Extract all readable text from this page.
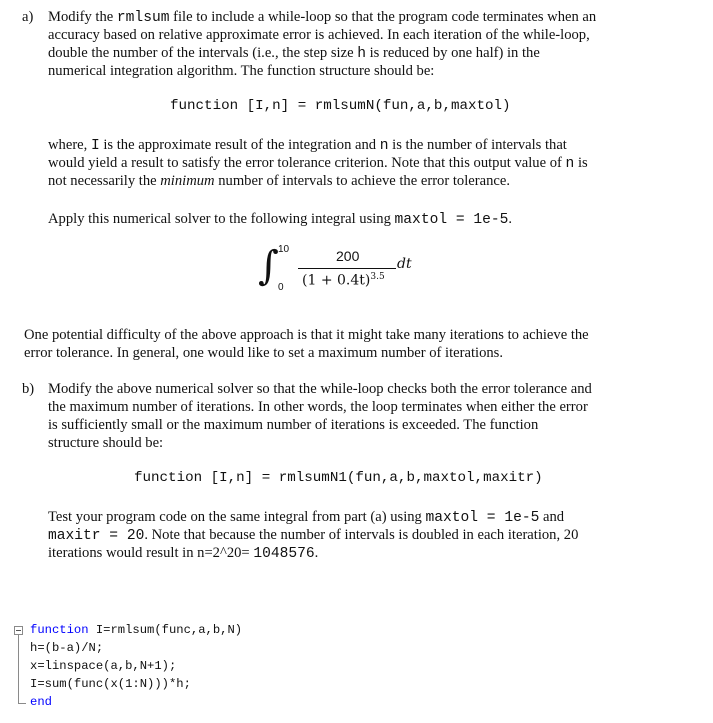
a) Modify the rmlsum file to include a while-loop so that the program code terminates when an
accuracy based on relative approximate error is achieved. In each iteration of the while-loop,
double the number of the intervals (i.e., the step size h is reduced by one half) in the
numerical integration algorithm. The function structure should be:
function [I,n] = rmlsumN(fun,a,b,maxtol)
where, I is the approximate result of the integration and n is the number of intervals that
would yield a result to satisfy the error tolerance criterion. Note that this output value of n is
not necessarily the minimum number of intervals to achieve the error tolerance.
Apply this numerical solver to the following integral using maxtol = 1e-5.
∫ 10
0
200
$(1 + 0.4t)^{3.5}$
dt
One potential difficulty of the above approach is that it might take many iterations to achieve the
error tolerance. In general, one would like to set a maximum number of iterations.
b) Modify the above numerical solver so that the while-loop checks both the error tolerance and
the maximum number of iterations. In other words, the loop terminates when either the error
is sufficiently small or the maximum number of iterations is exceeded. The function
structure should be:
function [I,n] = rmlsumN1(fun,a,b,maxtol,maxitr)
Test your program code on the same integral from part (a) using maxtol = 1e-5 and
maxitr = 20. Note that because the number of intervals is doubled in each iteration, 20
iterations would result in n=2^20= 1048576.
function I=rmlsum(func,a,b,N)
h=(b-a)/N;
x=linspace(a,b,N+1);
I=sum(func(x(1:N)))*h;
end
